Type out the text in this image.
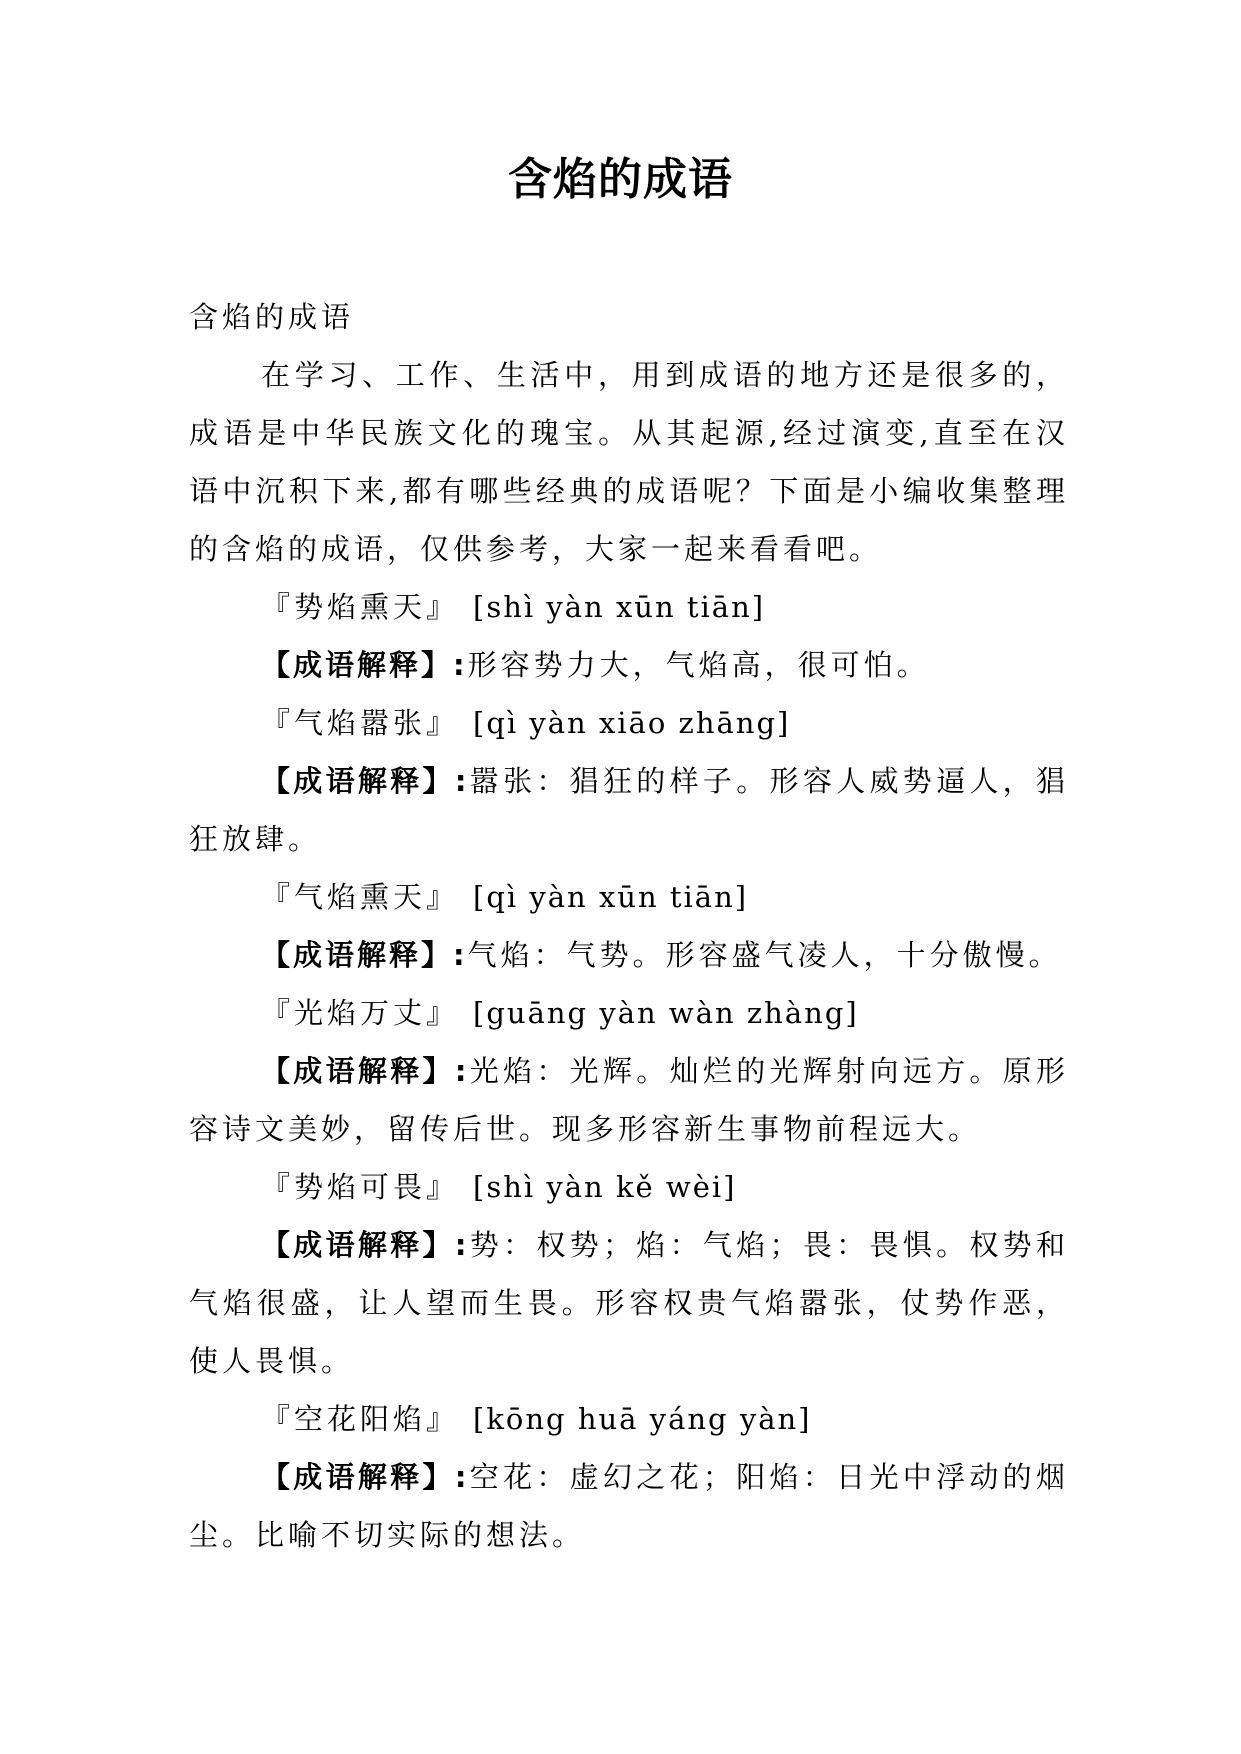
含焰的成语

含焰的成语

在学习、工作、生活中，用到成语的地方还是很多的，成语是中华民族文化的瑰宝。从其起源,经过演变,直至在汉语中沉积下来,都有哪些经典的成语呢？下面是小编收集整理的含焰的成语，仅供参考，大家一起来看看吧。

『势焰熏天』 [shì yàn xūn tiān]

【成语解释】:形容势力大，气焰高，很可怕。

『气焰嚣张』 [qì yàn xiāo zhāng]

【成语解释】:嚣张：猖狂的样子。形容人威势逼人，猖狂放肆。

『气焰熏天』 [qì yàn xūn tiān]

【成语解释】:气焰：气势。形容盛气凌人，十分傲慢。

『光焰万丈』 [guāng yàn wàn zhàng]

【成语解释】:光焰：光辉。灿烂的光辉射向远方。原形容诗文美妙，留传后世。现多形容新生事物前程远大。

『势焰可畏』 [shì yàn kě wèi]

【成语解释】:势：权势；焰：气焰；畏：畏惧。权势和气焰很盛，让人望而生畏。形容权贵气焰嚣张，仗势作恶，使人畏惧。

『空花阳焰』 [kōng huā yáng yàn]

【成语解释】:空花：虚幻之花；阳焰：日光中浮动的烟尘。比喻不切实际的想法。
